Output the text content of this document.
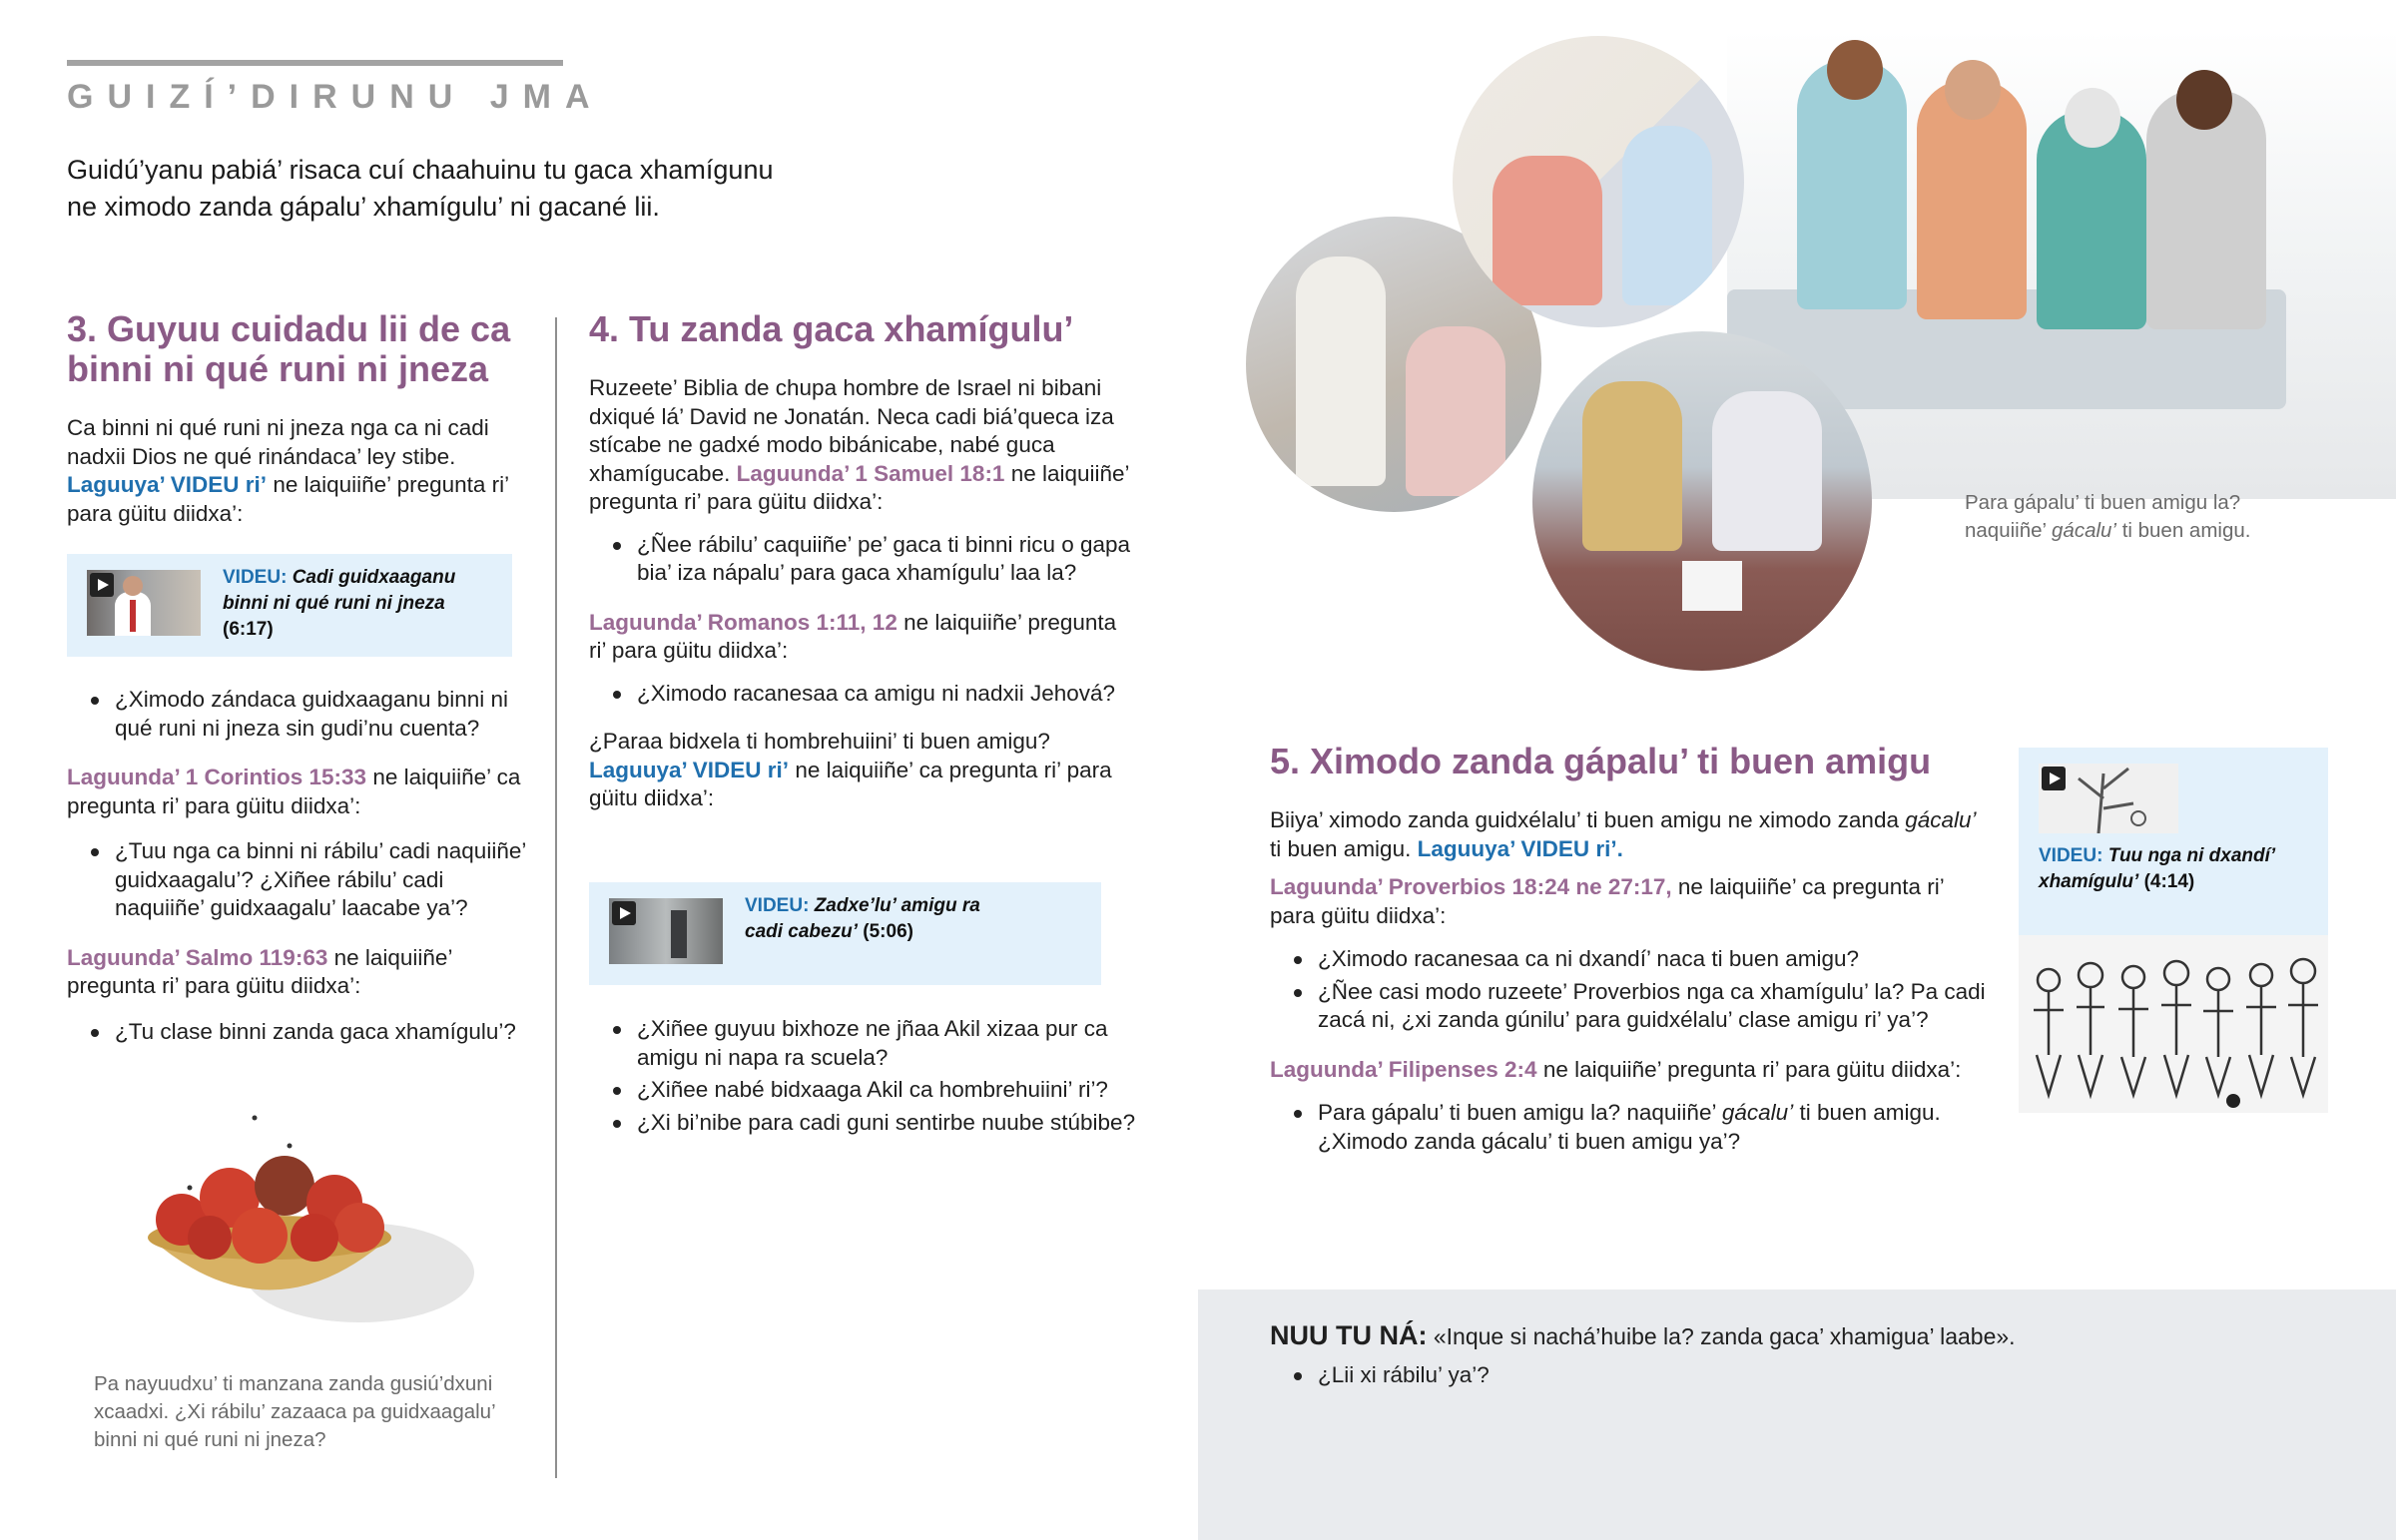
GUIZÍ’DIRUNU JMA

Guidú’yanu pabiá’ risaca cuí chaahuinu tu gaca xhamígunu

ne ximodo zanda gápalu’ xhamígulu’ ni gacané lii.

3. Guyuu cuidadu lii de ca
binni ni qué runi ni jneza

Ca binni ni qué runi ni jneza nga ca ni cadi nadxii Dios ne qué rinándaca’ ley stibe. Laguuya’ VIDEU ri’ ne laiquiiñe’ pregunta ri’ para güitu diidxa’:

VIDEU: Cadi guidxaaganu binni ni qué runi ni jneza (6:17)
¿Ximodo zándaca guidxaaganu binni ni qué runi ni jneza sin gudi’nu cuenta?

Laguunda’ 1 Corintios 15:33 ne laiquiiñe’ ca pregunta ri’ para güitu diidxa’:

¿Tuu nga ca binni ni rábilu’ cadi naquiiñe’ guidxaagalu’? ¿Xiñee rábilu’ cadi naquiiñe’ guidxaagalu’ laacabe ya’?

Laguunda’ Salmo 119:63 ne laiquiiñe’ pregunta ri’ para güitu diidxa’:

¿Tu clase binni zanda gaca xhamígulu’?
Pa nayuudxu’ ti manzana zanda gusiú’dxuni xcaadxi. ¿Xi rábilu’ zazaaca pa guidxaagalu’ binni ni qué runi ni jneza?
4. Tu zanda gaca xhamígulu’

Ruzeete’ Biblia de chupa hombre de Israel ni bibani dxiqué lá’ David ne Jonatán. Neca cadi biá’queca iza stícabe ne gadxé modo bibánicabe, nabé guca xhamígucabe. Laguunda’ 1 Samuel 18:1 ne laiquiiñe’ pregunta ri’ para güitu diidxa’:

¿Ñee rábilu’ caquiiñe’ pe’ gaca ti binni ricu o gapa bia’ iza nápalu’ para gaca xhamígulu’ laa la?

Laguunda’ Romanos 1:11, 12 ne laiquiiñe’ pregunta ri’ para güitu diidxa’:

¿Ximodo racanesaa ca amigu ni nadxii Jehová?

¿Paraa bidxela ti hombrehuiini’ ti buen amigu? Laguuya’ VIDEU ri’ ne laiquiiñe’ ca pregunta ri’ para güitu diidxa’:

VIDEU: Zadxe’lu’ amigu ra cadi cabezu’ (5:06)
¿Xiñee guyuu bixhoze ne jñaa Akil xizaa pur ca amigu ni napa ra scuela?
¿Xiñee nabé bidxaaga Akil ca hombrehuiini’ ri’?
¿Xi bi’nibe para cadi guni sentirbe nuube stúbibe?
Para gápalu’ ti buen amigu la?
naquiiñe’ gácalu’ ti buen amigu.
5. Ximodo zanda gápalu’ ti buen amigu

Biiya’ ximodo zanda guidxélalu’ ti buen amigu ne ximodo zanda gácalu’ ti buen amigu. Laguuya’ VIDEU ri’.

Laguunda’ Proverbios 18:24 ne 27:17, ne laiquiiñe’ ca pregunta ri’ para güitu diidxa’:

¿Ximodo racanesaa ca ni dxandí’ naca ti buen amigu?
¿Ñee casi modo ruzeete’ Proverbios nga ca xhamígulu’ la? Pa cadi zacá ni, ¿xi zanda gúnilu’ para guidxélalu’ clase amigu ri’ ya’?

Laguunda’ Filipenses 2:4 ne laiquiiñe’ pregunta ri’ para güitu diidxa’:

Para gápalu’ ti buen amigu la? naquiiñe’ gácalu’ ti buen amigu. ¿Ximodo zanda gácalu’ ti buen amigu ya’?
VIDEU: Tuu nga ni dxandí’ xhamígulu’ (4:14)
NUU TU NÁ: «Inque si nachá’huibe la? zanda gaca’ xhamigua’ laabe».
¿Lii xi rábilu’ ya’?
